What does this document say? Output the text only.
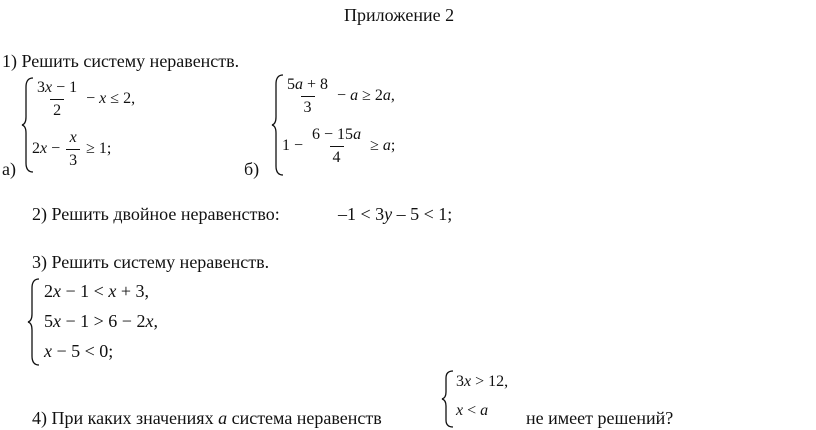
Приложение 2
1) Решить систему неравенств.
а)
$\frac{3x - 1}{2} - x \le 2$,
$2x - \frac{x}{3} \ge 1$;
б)
$\frac{5a + 8}{3} - a \ge 2a$,
$1 - \frac{6 - 15a}{4} \ge a$;
2) Решить двойное неравенство:	–1 < 3y – 5 < 1;
3) Решить систему неравенств.
2x − 1 < x + 3,
5x − 1 > 6 − 2x,
x − 5 < 0;
3x > 12,
x < a
4) При каких значениях a система неравенств	не имеет решений?
